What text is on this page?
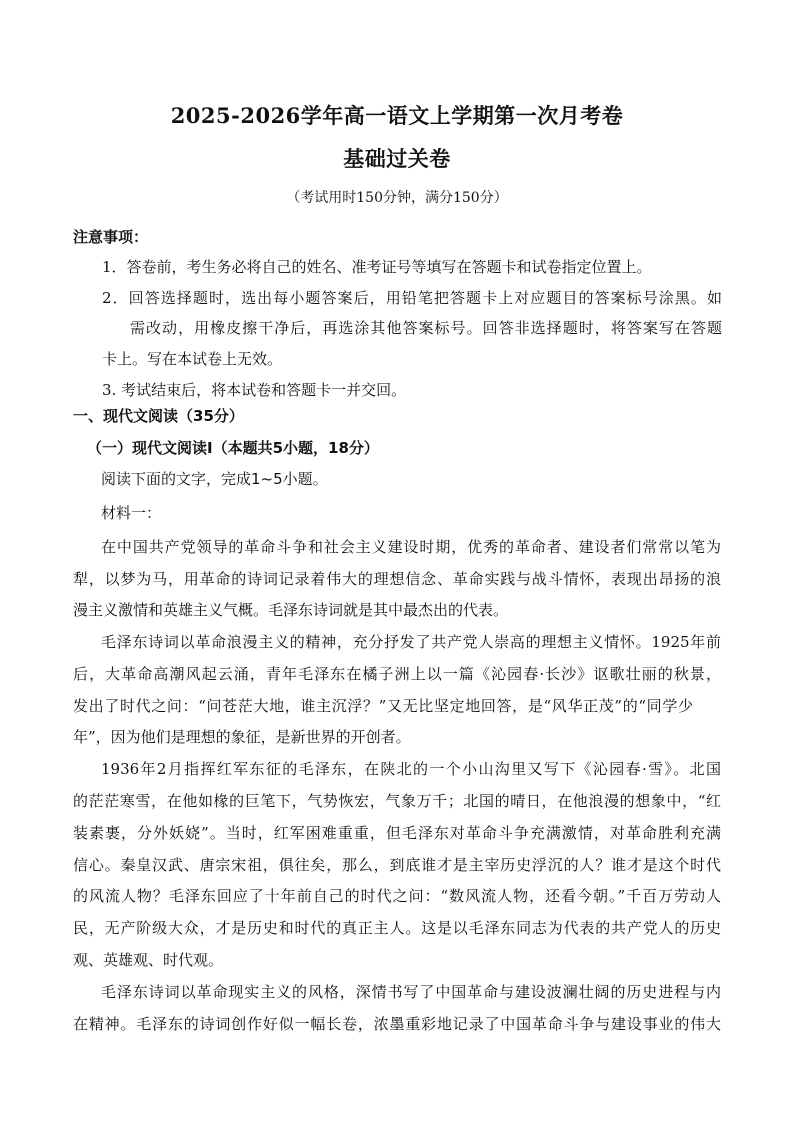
2025-2026学年高一语文上学期第一次月考卷
基础过关卷
（考试用时150分钟，满分150分）
注意事项：
1．答卷前，考生务必将自己的姓名、准考证号等填写在答题卡和试卷指定位置上。
2．回答选择题时，选出每小题答案后，用铅笔把答题卡上对应题目的答案标号涂黑。如
需改动，用橡皮擦干净后，再选涂其他答案标号。回答非选择题时，将答案写在答题
卡上。写在本试卷上无效。
3. 考试结束后，将本试卷和答题卡一并交回。
一、现代文阅读（35分）
（一）现代文阅读Ⅰ（本题共5小题，18分）
阅读下面的文字，完成1~5小题。
材料一：
在中国共产党领导的革命斗争和社会主义建设时期，优秀的革命者、建设者们常常以笔为
犁，以梦为马，用革命的诗词记录着伟大的理想信念、革命实践与战斗情怀，表现出昂扬的浪
漫主义激情和英雄主义气概。毛泽东诗词就是其中最杰出的代表。
毛泽东诗词以革命浪漫主义的精神，充分抒发了共产党人崇高的理想主义情怀。1925年前
后，大革命高潮风起云涌，青年毛泽东在橘子洲上以一篇《沁园春·长沙》讴歌壮丽的秋景，
发出了时代之问：“问苍茫大地，谁主沉浮？”又无比坚定地回答，是“风华正茂”的“同学少
年”，因为他们是理想的象征，是新世界的开创者。
1936年2月指挥红军东征的毛泽东，在陕北的一个小山沟里又写下《沁园春·雪》。北国
的茫茫寒雪，在他如椽的巨笔下，气势恢宏，气象万千；北国的晴日，在他浪漫的想象中，“红
装素裹，分外妖娆”。当时，红军困难重重，但毛泽东对革命斗争充满激情，对革命胜利充满
信心。秦皇汉武、唐宗宋祖，俱往矣，那么，到底谁才是主宰历史浮沉的人？谁才是这个时代
的风流人物？毛泽东回应了十年前自己的时代之问：“数风流人物，还看今朝。”千百万劳动人
民，无产阶级大众，才是历史和时代的真正主人。这是以毛泽东同志为代表的共产党人的历史
观、英雄观、时代观。
毛泽东诗词以革命现实主义的风格，深情书写了中国革命与建设波澜壮阔的历史进程与内
在精神。毛泽东的诗词创作好似一幅长卷，浓墨重彩地记录了中国革命斗争与建设事业的伟大
